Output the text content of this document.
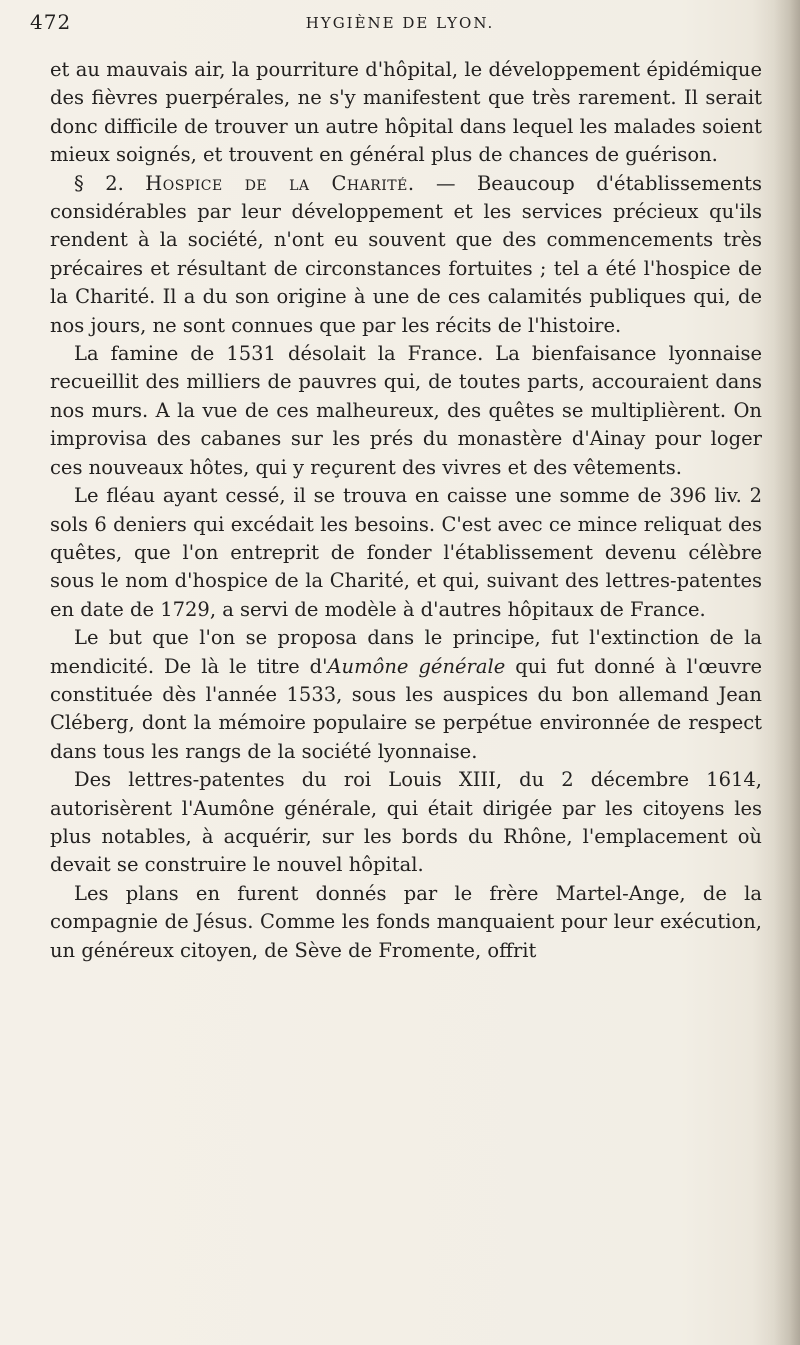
472	HYGIÈNE DE LYON.

et au mauvais air, la pourriture d'hôpital, le développement épidémique des fièvres puerpérales, ne s'y manifestent que très rarement. Il serait donc difficile de trouver un autre hôpital dans lequel les malades soient mieux soignés, et trouvent en général plus de chances de guérison.

§ 2. Hospice de la Charité. — Beaucoup d'établissements considérables par leur développement et les services précieux qu'ils rendent à la société, n'ont eu souvent que des commencements très précaires et résultant de circonstances fortuites ; tel a été l'hospice de la Charité. Il a du son origine à une de ces calamités publiques qui, de nos jours, ne sont connues que par les récits de l'histoire.

La famine de 1531 désolait la France. La bienfaisance lyonnaise recueillit des milliers de pauvres qui, de toutes parts, accouraient dans nos murs. A la vue de ces malheureux, des quêtes se multiplièrent. On improvisa des cabanes sur les prés du monastère d'Ainay pour loger ces nouveaux hôtes, qui y reçurent des vivres et des vêtements.

Le fléau ayant cessé, il se trouva en caisse une somme de 396 liv. 2 sols 6 deniers qui excédait les besoins. C'est avec ce mince reliquat des quêtes, que l'on entreprit de fonder l'établissement devenu célèbre sous le nom d'hospice de la Charité, et qui, suivant des lettres-patentes en date de 1729, a servi de modèle à d'autres hôpitaux de France.

Le but que l'on se proposa dans le principe, fut l'extinction de la mendicité. De là le titre d'Aumône générale qui fut donné à l'œuvre constituée dès l'année 1533, sous les auspices du bon allemand Jean Cléberg, dont la mémoire populaire se perpétue environnée de respect dans tous les rangs de la société lyonnaise.

Des lettres-patentes du roi Louis XIII, du 2 décembre 1614, autorisèrent l'Aumône générale, qui était dirigée par les citoyens les plus notables, à acquérir, sur les bords du Rhône, l'emplacement où devait se construire le nouvel hôpital.

Les plans en furent donnés par le frère Martel-Ange, de la compagnie de Jésus. Comme les fonds manquaient pour leur exécution, un généreux citoyen, de Sève de Fromente, offrit
